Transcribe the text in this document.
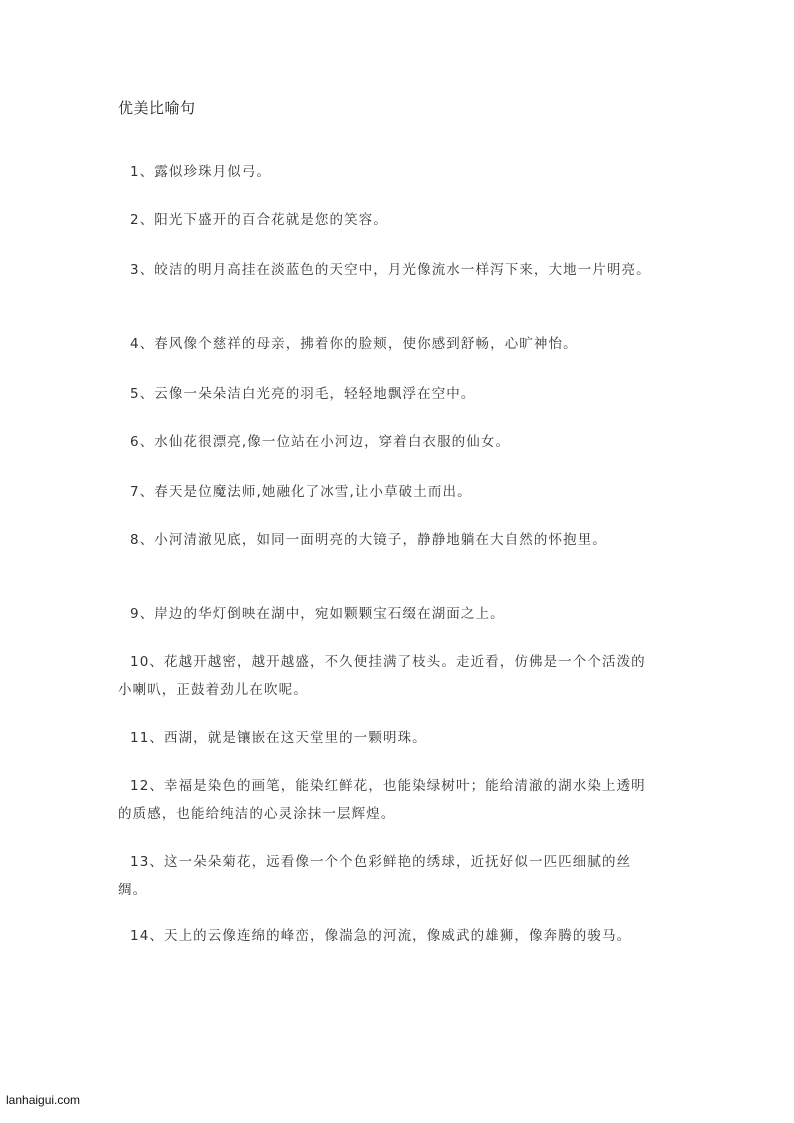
优美比喻句

1、露似珍珠月似弓。

2、阳光下盛开的百合花就是您的笑容。

3、皎洁的明月高挂在淡蓝色的天空中，月光像流水一样泻下来，大地一片明亮。

4、春风像个慈祥的母亲，拂着你的脸颊，使你感到舒畅，心旷神怡。

5、云像一朵朵洁白光亮的羽毛，轻轻地飘浮在空中。

6、水仙花很漂亮,像一位站在小河边，穿着白衣服的仙女。

7、春天是位魔法师,她融化了冰雪,让小草破土而出。

8、小河清澈见底，如同一面明亮的大镜子，静静地躺在大自然的怀抱里。

9、岸边的华灯倒映在湖中，宛如颗颗宝石缀在湖面之上。

10、花越开越密，越开越盛，不久便挂满了枝头。走近看，仿佛是一个个活泼的小喇叭，正鼓着劲儿在吹呢。

11、西湖，就是镶嵌在这天堂里的一颗明珠。

12、幸福是染色的画笔，能染红鲜花，也能染绿树叶；能给清澈的湖水染上透明的质感，也能给纯洁的心灵涂抹一层辉煌。

13、这一朵朵菊花，远看像一个个色彩鲜艳的绣球，近抚好似一匹匹细腻的丝绸。

14、天上的云像连绵的峰峦，像湍急的河流，像威武的雄狮，像奔腾的骏马。

lanhaigui.com
